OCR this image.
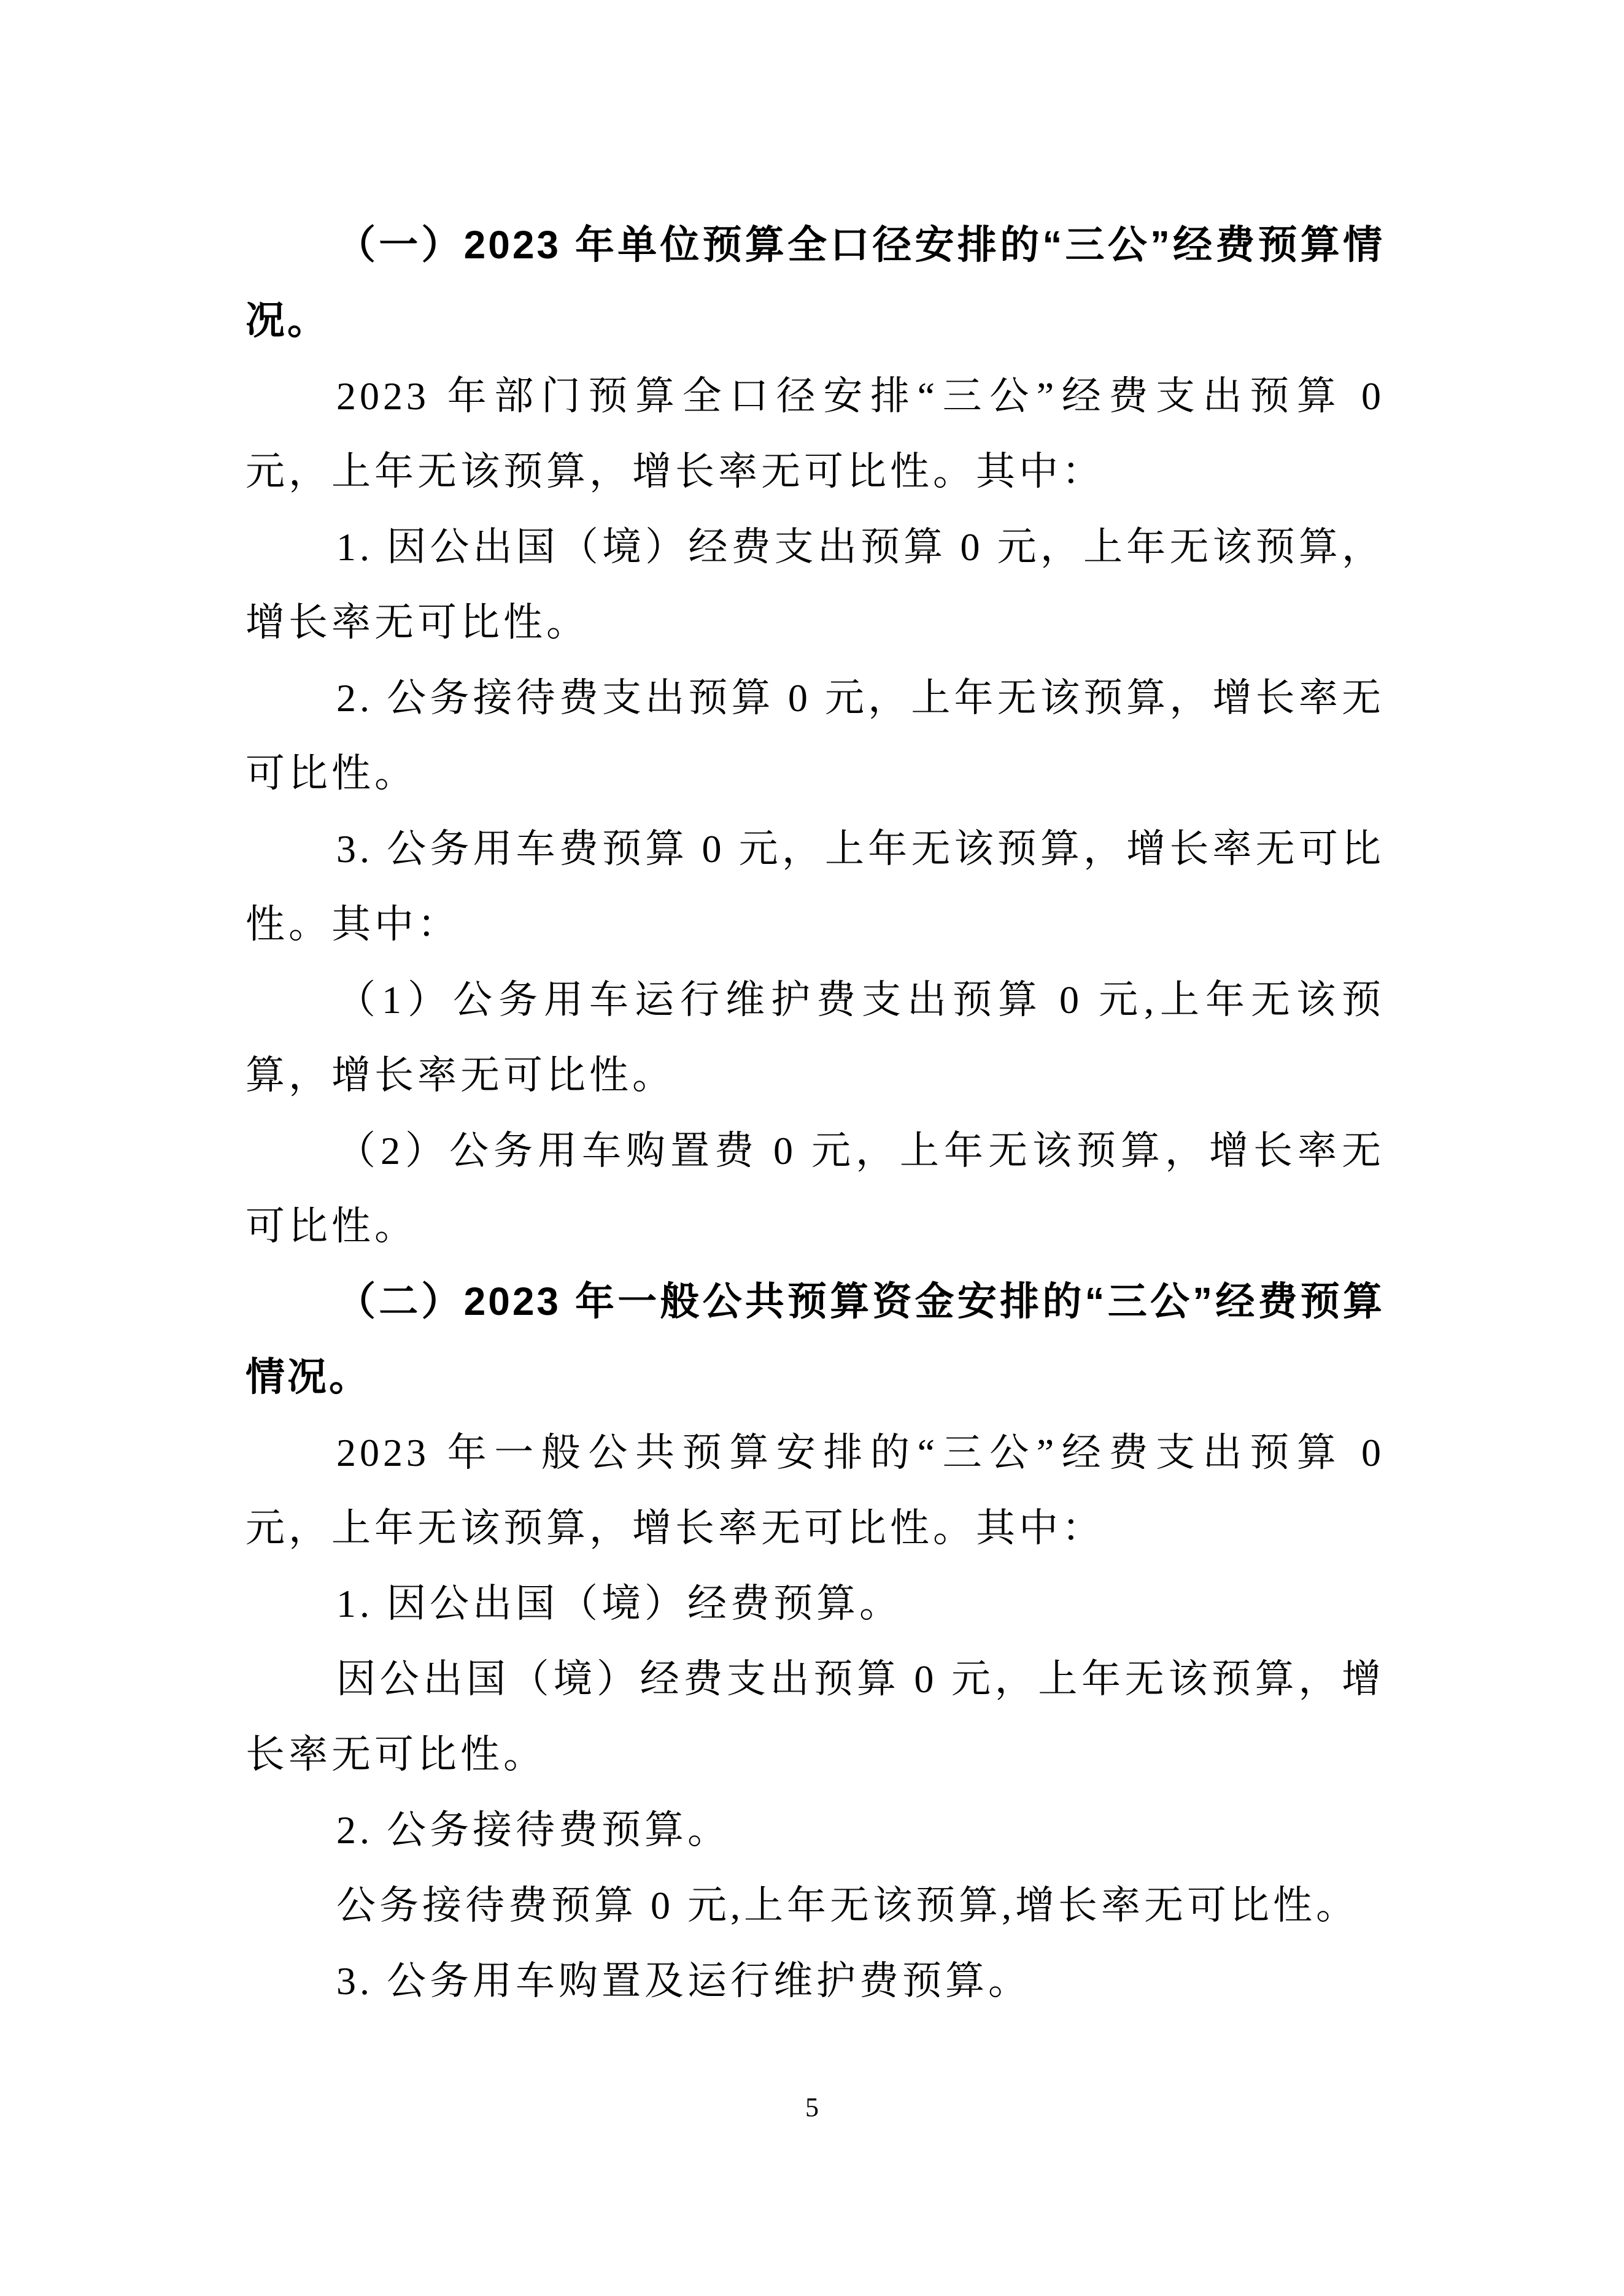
（一）2023 年单位预算全口径安排的“三公”经费预算情况。

2023 年部门预算全口径安排“三公”经费支出预算 0 元，上年无该预算，增长率无可比性。其中：

1. 因公出国（境）经费支出预算 0 元，上年无该预算，增长率无可比性。

2. 公务接待费支出预算 0 元，上年无该预算，增长率无可比性。

3. 公务用车费预算 0 元，上年无该预算，增长率无可比性。其中：

（1）公务用车运行维护费支出预算 0 元,上年无该预算，增长率无可比性。

（2）公务用车购置费 0 元，上年无该预算，增长率无可比性。

（二）2023 年一般公共预算资金安排的“三公”经费预算情况。

2023 年一般公共预算安排的“三公”经费支出预算 0 元，上年无该预算，增长率无可比性。其中：

1. 因公出国（境）经费预算。

因公出国（境）经费支出预算 0 元，上年无该预算，增长率无可比性。

2. 公务接待费预算。

公务接待费预算 0 元,上年无该预算,增长率无可比性。

3. 公务用车购置及运行维护费预算。

5
